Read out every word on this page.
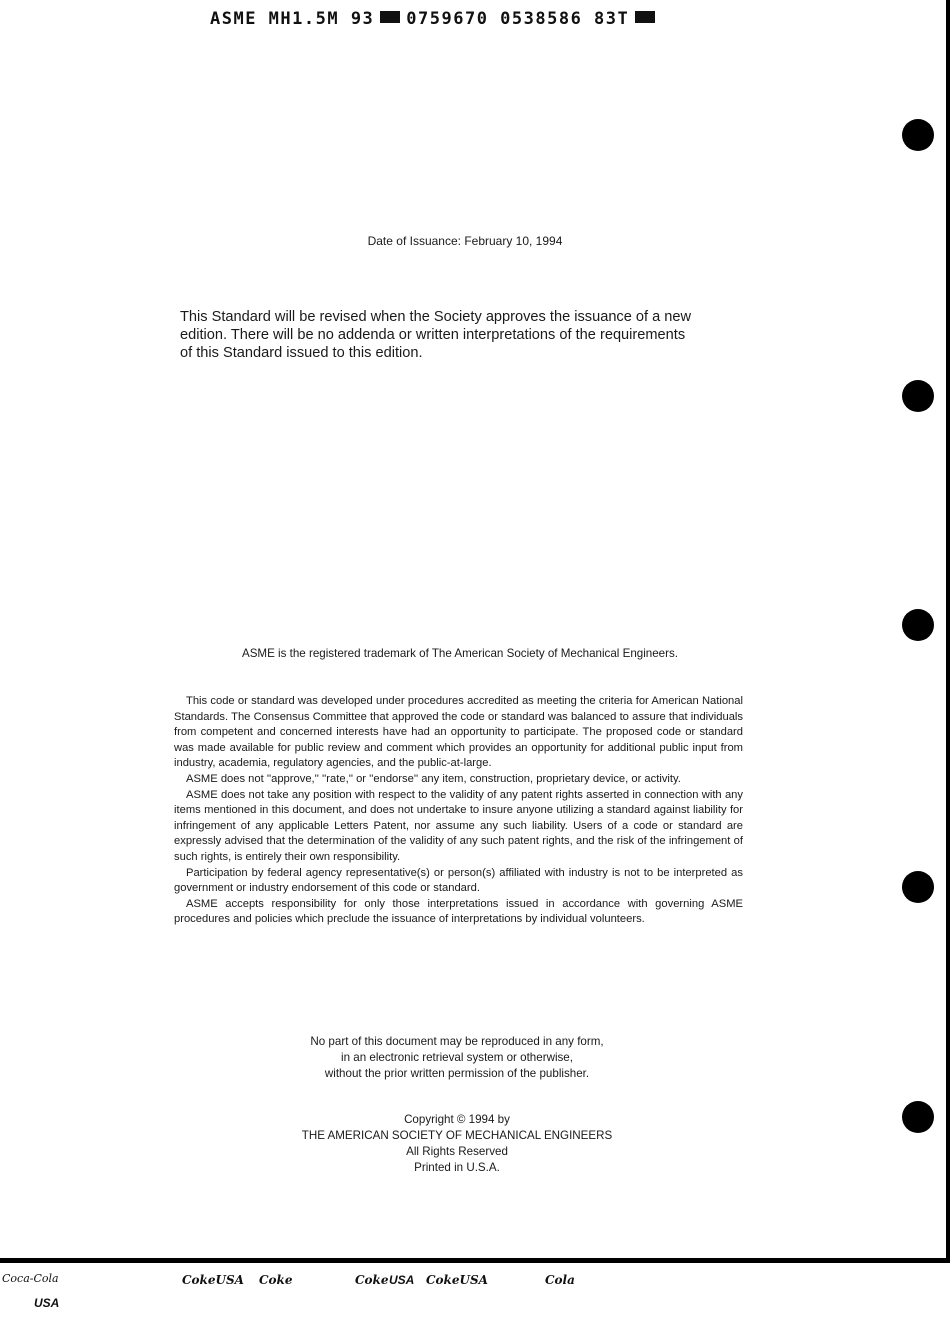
ASME MH1.5M 93 0759670 0538586 83T
Date of Issuance: February 10, 1994
This Standard will be revised when the Society approves the issuance of a new
edition. There will be no addenda or written interpretations of the requirements
of this Standard issued to this edition.
ASME is the registered trademark of The American Society of Mechanical Engineers.

This code or standard was developed under procedures accredited as meeting the criteria for American National Standards. The Consensus Committee that approved the code or standard was balanced to assure that individuals from competent and concerned interests have had an opportunity to participate. The proposed code or standard was made available for public review and comment which provides an opportunity for additional public input from industry, academia, regulatory agencies, and the public-at-large.

ASME does not ''approve,'' ''rate,'' or ''endorse'' any item, construction, proprietary device, or activity.

ASME does not take any position with respect to the validity of any patent rights asserted in connection with any items mentioned in this document, and does not undertake to insure anyone utilizing a standard against liability for infringement of any applicable Letters Patent, nor assume any such liability. Users of a code or standard are expressly advised that the determination of the validity of any such patent rights, and the risk of the infringement of such rights, is entirely their own responsibility.

Participation by federal agency representative(s) or person(s) affiliated with industry is not to be interpreted as government or industry endorsement of this code or standard.

ASME accepts responsibility for only those interpretations issued in accordance with governing ASME procedures and policies which preclude the issuance of interpretations by individual volunteers.

No part of this document may be reproduced in any form,
in an electronic retrieval system or otherwise,
without the prior written permission of the publisher.
Copyright © 1994 by
THE AMERICAN SOCIETY OF MECHANICAL ENGINEERS
All Rights Reserved
Printed in U.S.A.
Coca-Cola
USA
CokeUSA Coke	Coke USA CokeUSA	Cola
